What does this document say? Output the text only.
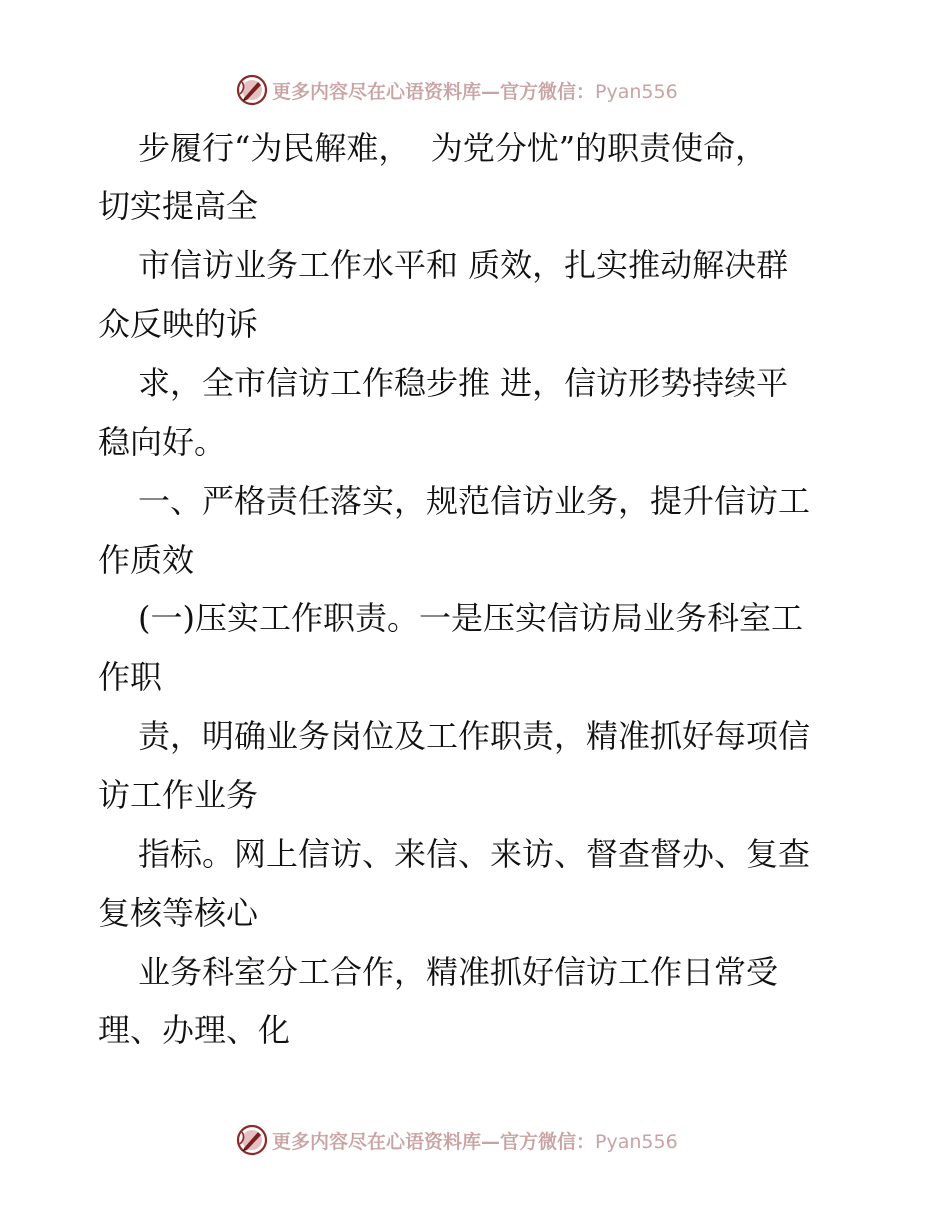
更多内容尽在心语资料库—官方微信：Pyan556
步履行“为民解难，  为党分忧”的职责使命，
切实提高全
市信访业务工作水平和 质效，扎实推动解决群
众反映的诉
求，全市信访工作稳步推 进，信访形势持续平
稳向好。
一、严格责任落实，规范信访业务，提升信访工
作质效
(一)压实工作职责。一是压实信访局业务科室工
作职
责，明确业务岗位及工作职责，精准抓好每项信
访工作业务
指标。网上信访、来信、来访、督查督办、复查
复核等核心
业务科室分工合作，精准抓好信访工作日常受
理、办理、化
更多内容尽在心语资料库—官方微信：Pyan556
